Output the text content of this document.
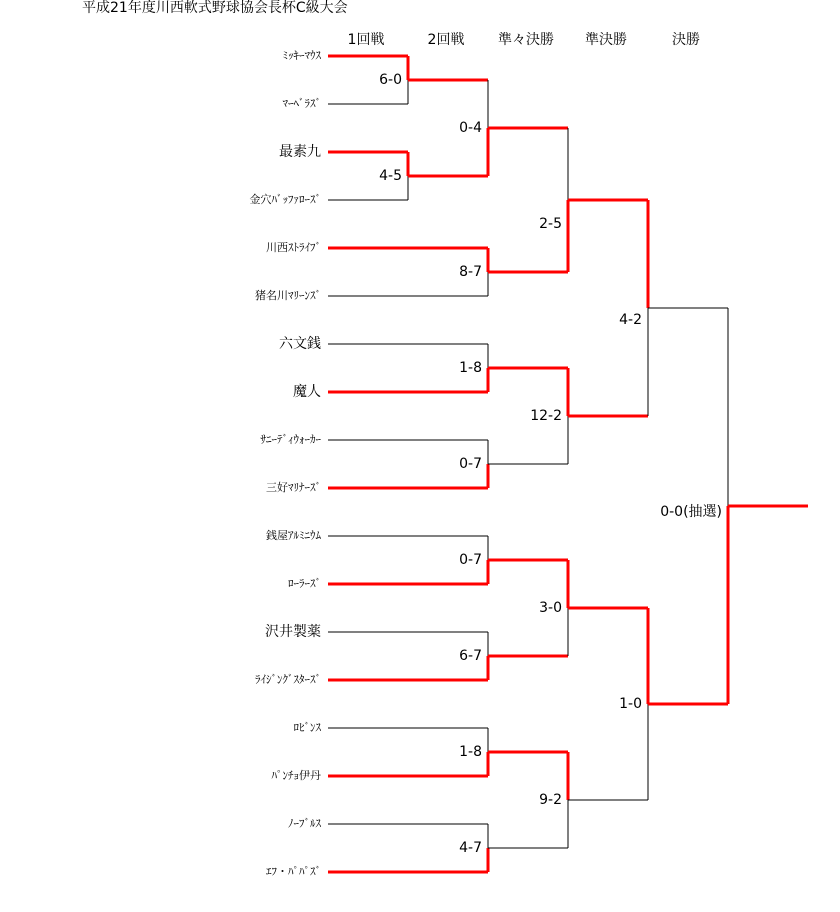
平成21年度川西軟式野球協会長杯C級大会
1回戦	2回戦	準々決勝	準決勝	決勝
ﾐｯｷｰﾏｳｽ
ﾏｰﾍﾞﾗｽﾞ
最素九
金穴ﾊﾞｯﾌｧﾛｰｽﾞ
川西ｽﾄﾗｲﾌﾞ
猪名川ﾏﾘｰﾝｽﾞ
六文銭
魔人
ｻﾆｰﾃﾞｨｳｫｰｶｰ
三好ﾏﾘﾅｰｽﾞ
銭屋ｱﾙﾐﾆｳﾑ
ﾛｰﾗｰｽﾞ
沢井製薬
ﾗｲｼﾞﾝｸﾞｽﾀｰｽﾞ
ﾛﾋﾞﾝｽ
ﾊﾟﾝﾁｮ伊丹
ﾉｰﾌﾞﾙｽ
ｴﾌ・ﾊﾟﾊﾟｽﾞ
6-0
0-4
4-5
2-5
8-7
4-2
1-8
12-2
0-7
0-0(抽選)
0-7
3-0
6-7
1-0
1-8
9-2
4-7
